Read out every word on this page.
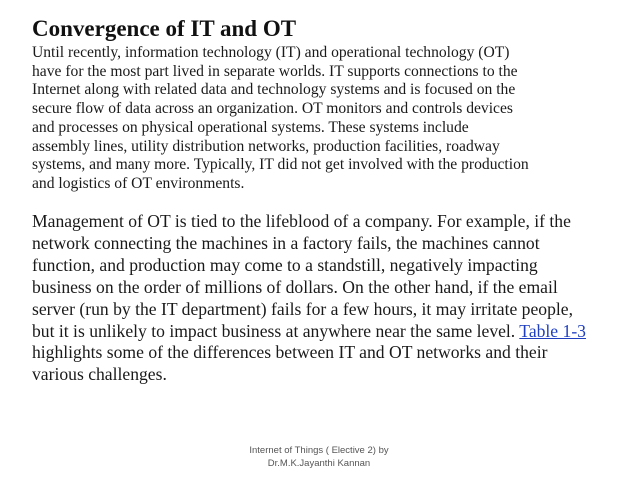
Convergence of IT and OT

Until recently, information technology (IT) and operational technology (OT)
have for the most part lived in separate worlds. IT supports connections to the
Internet along with related data and technology systems and is focused on the
secure flow of data across an organization. OT monitors and controls devices
and processes on physical operational systems. These systems include
assembly lines, utility distribution networks, production facilities, roadway
systems, and many more. Typically, IT did not get involved with the production
and logistics of OT environments.

Management of OT is tied to the lifeblood of a company. For example, if the
network connecting the machines in a factory fails, the machines cannot
function, and production may come to a standstill, negatively impacting
business on the order of millions of dollars. On the other hand, if the email
server (run by the IT department) fails for a few hours, it may irritate people,
but it is unlikely to impact business at anywhere near the same level. Table 1-3
highlights some of the differences between IT and OT networks and their
various challenges.

Internet of Things ( Elective 2) by
Dr.M.K.Jayanthi Kannan
